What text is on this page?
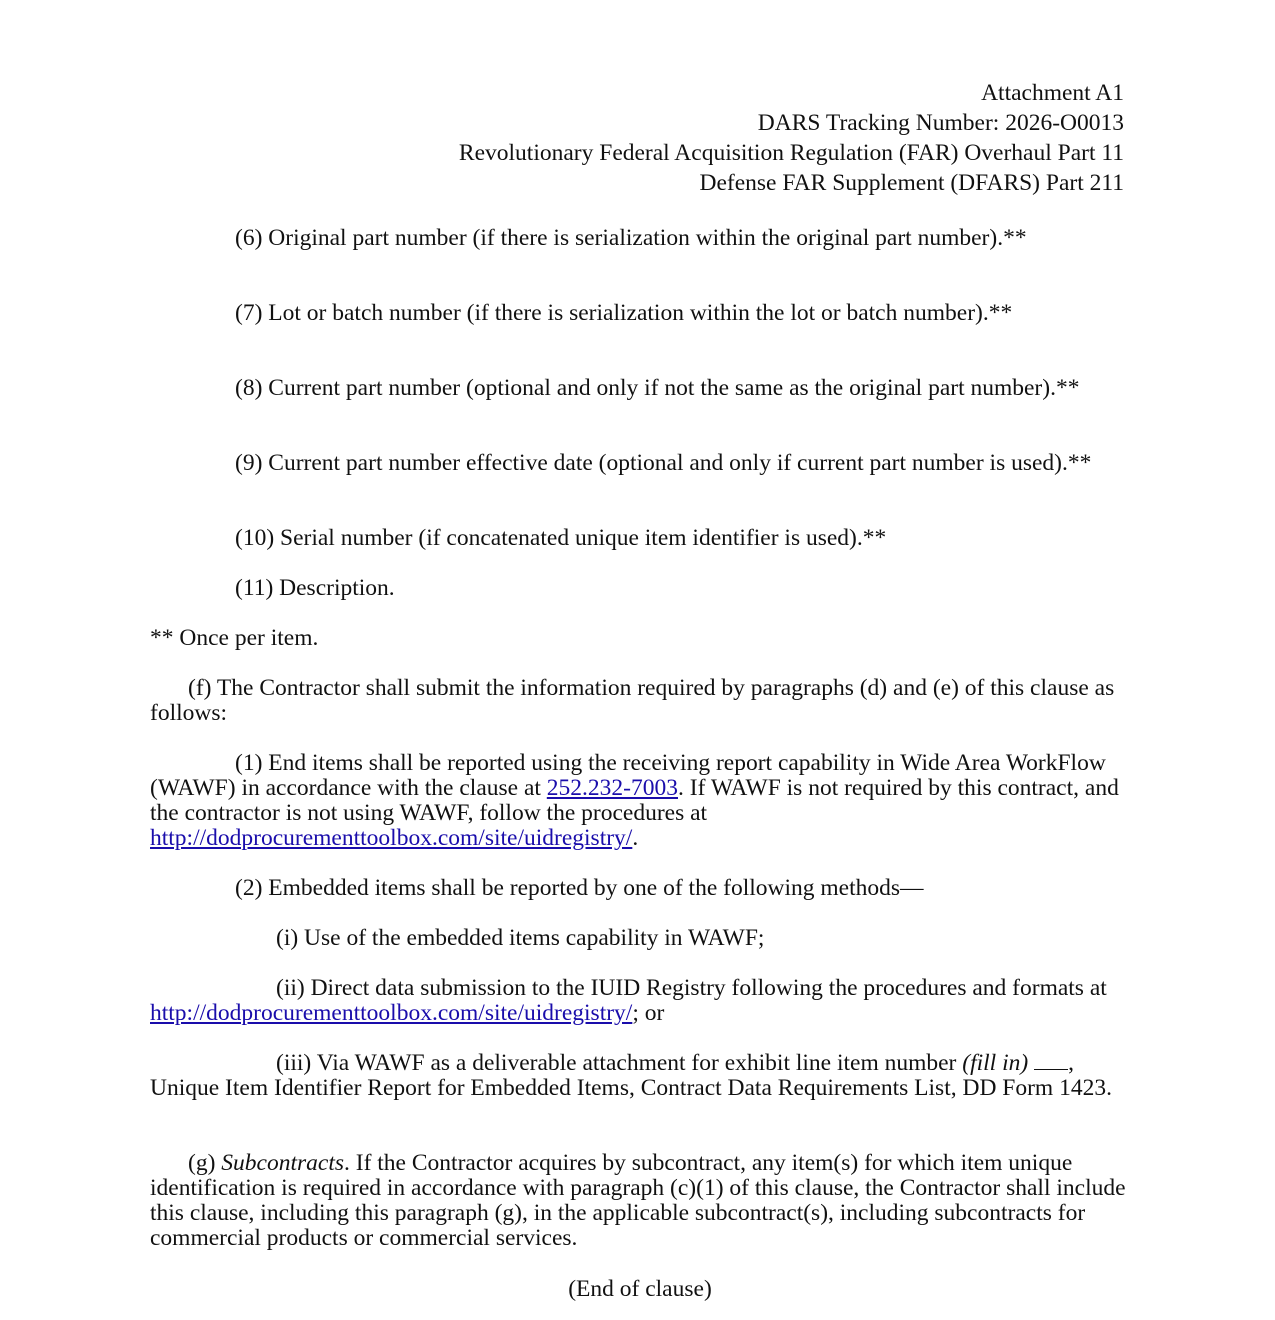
Attachment A1
DARS Tracking Number: 2026-O0013
Revolutionary Federal Acquisition Regulation (FAR) Overhaul Part 11
Defense FAR Supplement (DFARS) Part 211

(6) Original part number (if there is serialization within the original part number).**

(7) Lot or batch number (if there is serialization within the lot or batch number).**

(8) Current part number (optional and only if not the same as the original part number).**

(9) Current part number effective date (optional and only if current part number is used).**

(10) Serial number (if concatenated unique item identifier is used).**

(11) Description.

** Once per item.

(f) The Contractor shall submit the information required by paragraphs (d) and (e) of this clause as follows:

(1) End items shall be reported using the receiving report capability in Wide Area WorkFlow (WAWF) in accordance with the clause at 252.232-7003. If WAWF is not required by this contract, and the contractor is not using WAWF, follow the procedures at http://dodprocurementtoolbox.com/site/uidregistry/.

(2) Embedded items shall be reported by one of the following methods—

(i) Use of the embedded items capability in WAWF;

(ii) Direct data submission to the IUID Registry following the procedures and formats at http://dodprocurementtoolbox.com/site/uidregistry/; or

(iii) Via WAWF as a deliverable attachment for exhibit line item number (fill in) , Unique Item Identifier Report for Embedded Items, Contract Data Requirements List, DD Form 1423.

(g) Subcontracts. If the Contractor acquires by subcontract, any item(s) for which item unique identification is required in accordance with paragraph (c)(1) of this clause, the Contractor shall include this clause, including this paragraph (g), in the applicable subcontract(s), including subcontracts for commercial products or commercial services.

(End of clause)
